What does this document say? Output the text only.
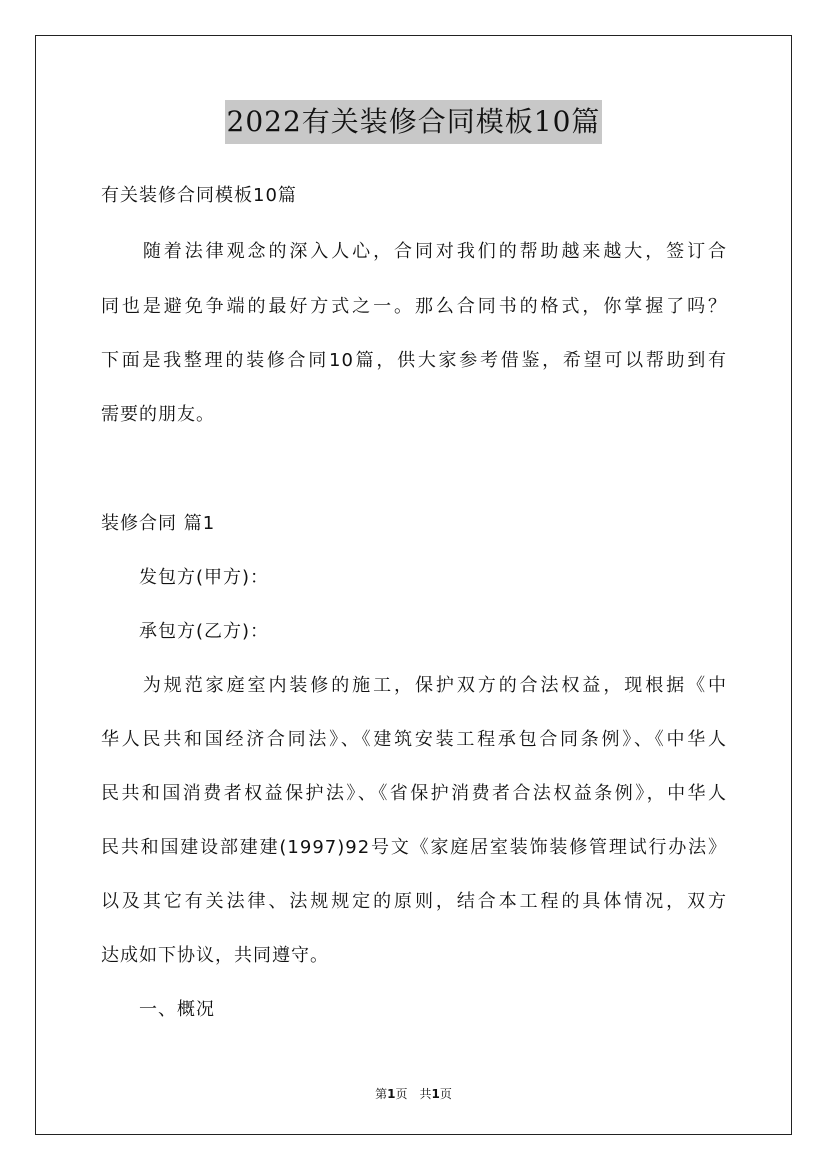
2022有关装修合同模板10篇
有关装修合同模板10篇
　　随着法律观念的深入人心，合同对我们的帮助越来越大，签订合
同也是避免争端的最好方式之一。那么合同书的格式，你掌握了吗？
下面是我整理的装修合同10篇，供大家参考借鉴，希望可以帮助到有
需要的朋友。
装修合同 篇1
　　发包方(甲方)：
　　承包方(乙方)：
　　为规范家庭室内装修的施工，保护双方的合法权益，现根据《中
华人民共和国经济合同法》、《建筑安装工程承包合同条例》、《中华人
民共和国消费者权益保护法》、《省保护消费者合法权益条例》，中华人
民共和国建设部建建(1997)92号文《家庭居室装饰装修管理试行办法》
以及其它有关法律、法规规定的原则，结合本工程的具体情况，双方
达成如下协议，共同遵守。
　　一、概况
第1页　共1页
